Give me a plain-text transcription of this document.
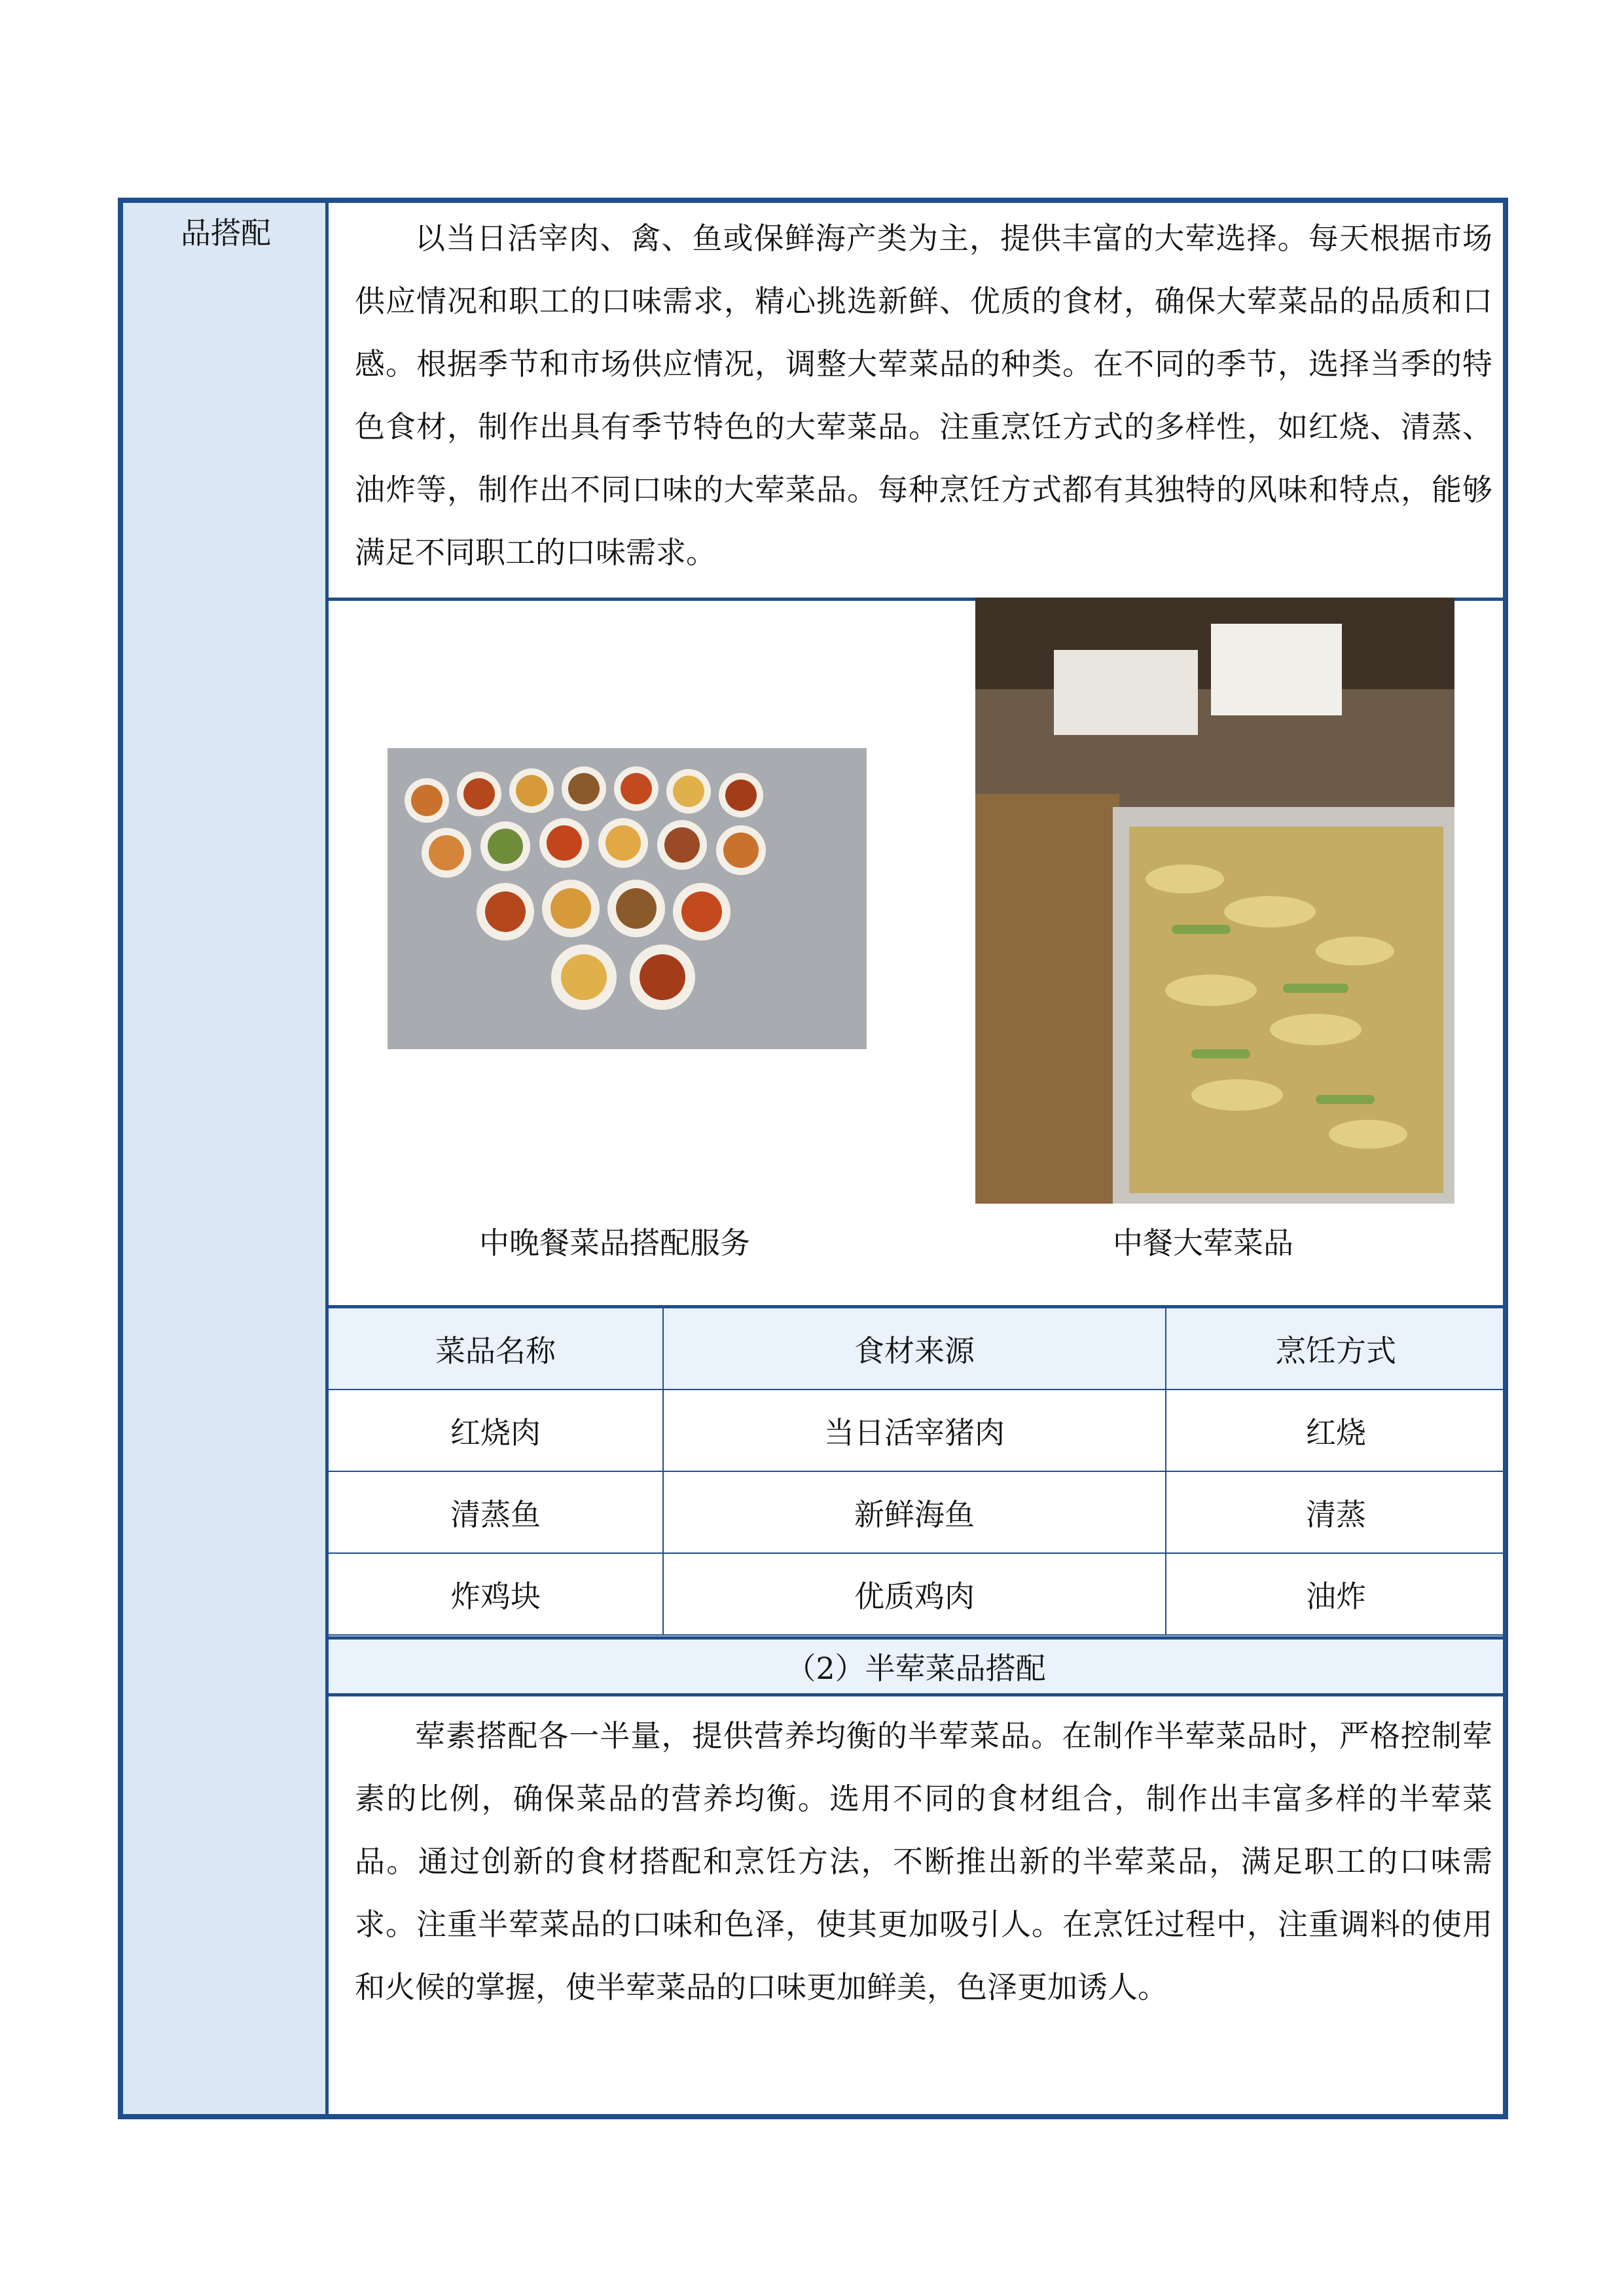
品搭配	以当日活宰肉、禽、鱼或保鲜海产类为主，提供丰富的大荤选择。每天根据市场供应情况和职工的口味需求，精心挑选新鲜、优质的食材，确保大荤菜品的品质和口感。根据季节和市场供应情况，调整大荤菜品的种类。在不同的季节，选择当季的特色食材，制作出具有季节特色的大荤菜品。注重烹饪方式的多样性，如红烧、清蒸、油炸等，制作出不同口味的大荤菜品。每种烹饪方式都有其独特的风味和特点，能够满足不同职工的口味需求。

中晚餐菜品搭配服务	中餐大荤菜品
菜品名称	食材来源	烹饪方式
红烧肉	当日活宰猪肉	红烧
清蒸鱼	新鲜海鱼	清蒸
炸鸡块	优质鸡肉	油炸
（2）半荤菜品搭配

荤素搭配各一半量，提供营养均衡的半荤菜品。在制作半荤菜品时，严格控制荤素的比例，确保菜品的营养均衡。选用不同的食材组合，制作出丰富多样的半荤菜品。通过创新的食材搭配和烹饪方法，不断推出新的半荤菜品，满足职工的口味需求。注重半荤菜品的口味和色泽，使其更加吸引人。在烹饪过程中，注重调料的使用和火候的掌握，使半荤菜品的口味更加鲜美，色泽更加诱人。
